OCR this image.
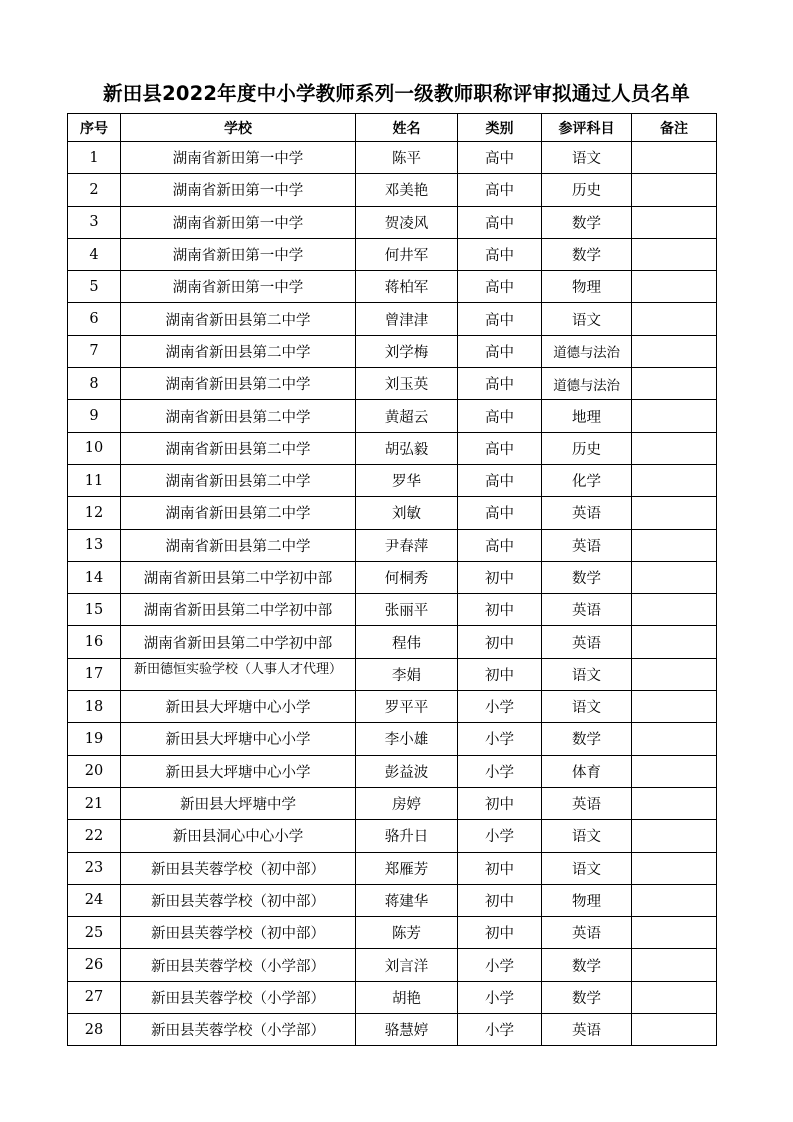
新田县2022年度中小学教师系列一级教师职称评审拟通过人员名单
序号	学校	姓名	类别	参评科目	备注
1	湖南省新田第一中学	陈平	高中	语文	
2	湖南省新田第一中学	邓美艳	高中	历史	
3	湖南省新田第一中学	贺凌风	高中	数学	
4	湖南省新田第一中学	何井军	高中	数学	
5	湖南省新田第一中学	蒋柏军	高中	物理	
6	湖南省新田县第二中学	曾津津	高中	语文	
7	湖南省新田县第二中学	刘学梅	高中	道德与法治	
8	湖南省新田县第二中学	刘玉英	高中	道德与法治	
9	湖南省新田县第二中学	黄超云	高中	地理	
10	湖南省新田县第二中学	胡弘毅	高中	历史	
11	湖南省新田县第二中学	罗华	高中	化学	
12	湖南省新田县第二中学	刘敏	高中	英语	
13	湖南省新田县第二中学	尹春萍	高中	英语	
14	湖南省新田县第二中学初中部	何桐秀	初中	数学	
15	湖南省新田县第二中学初中部	张丽平	初中	英语	
16	湖南省新田县第二中学初中部	程伟	初中	英语	
17	新田德恒实验学校（人事人才代理）	李娟	初中	语文	
18	新田县大坪塘中心小学	罗平平	小学	语文	
19	新田县大坪塘中心小学	李小雄	小学	数学	
20	新田县大坪塘中心小学	彭益波	小学	体育	
21	新田县大坪塘中学	房婷	初中	英语	
22	新田县洞心中心小学	骆升日	小学	语文	
23	新田县芙蓉学校（初中部）	郑雁芳	初中	语文	
24	新田县芙蓉学校（初中部）	蒋建华	初中	物理	
25	新田县芙蓉学校（初中部）	陈芳	初中	英语	
26	新田县芙蓉学校（小学部）	刘言洋	小学	数学	
27	新田县芙蓉学校（小学部）	胡艳	小学	数学	
28	新田县芙蓉学校（小学部）	骆慧婷	小学	英语	
